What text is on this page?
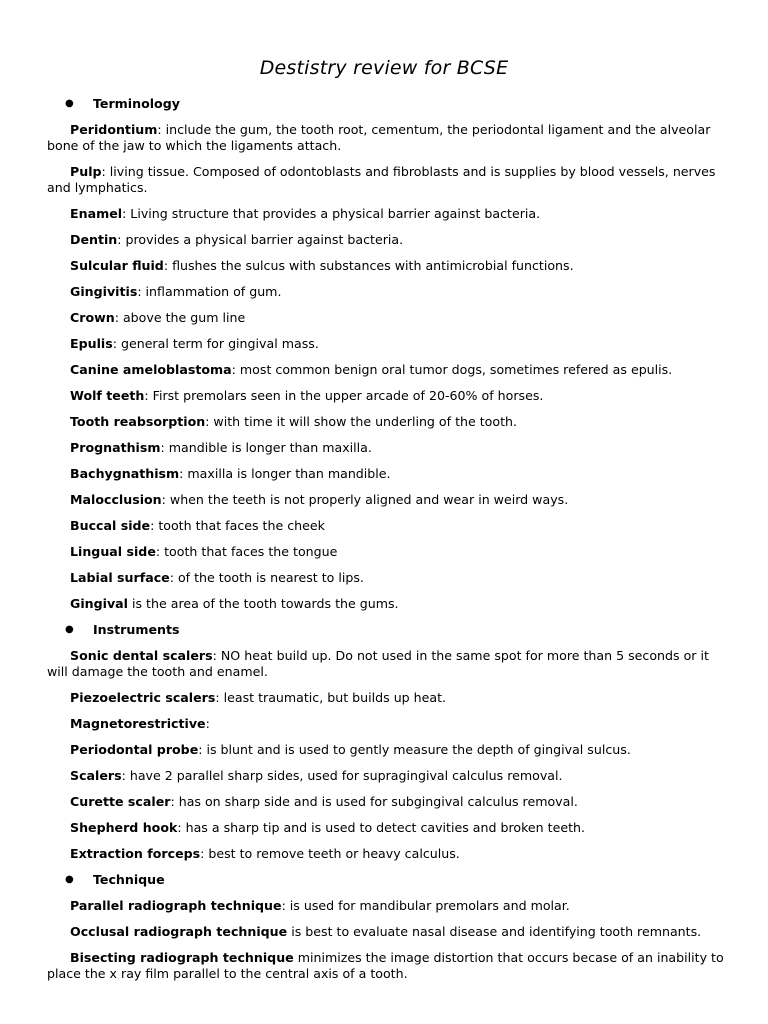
Destistry review for BCSE
● Terminology

Peridontium: include the gum, the tooth root, cementum, the periodontal ligament and the alveolar bone of the jaw to which the ligaments attach.

Pulp: living tissue. Composed of odontoblasts and fibroblasts and is supplies by blood vessels, nerves and lymphatics.

Enamel: Living structure that provides a physical barrier against bacteria.

Dentin: provides a physical barrier against bacteria.

Sulcular fluid: flushes the sulcus with substances with antimicrobial functions.

Gingivitis: inflammation of gum.

Crown: above the gum line

Epulis: general term for gingival mass.

Canine ameloblastoma: most common benign oral tumor dogs, sometimes refered as epulis.

Wolf teeth: First premolars seen in the upper arcade of 20-60% of horses.

Tooth reabsorption: with time it will show the underling of the tooth.

Prognathism: mandible is longer than maxilla.

Bachygnathism: maxilla is longer than mandible.

Malocclusion: when the teeth is not properly aligned and wear in weird ways.

Buccal side: tooth that faces the cheek

Lingual side: tooth that faces the tongue

Labial surface: of the tooth is nearest to lips.

Gingival is the area of the tooth towards the gums.

● Instruments

Sonic dental scalers: NO heat build up. Do not used in the same spot for more than 5 seconds or it will damage the tooth and enamel.

Piezoelectric scalers: least traumatic, but builds up heat.

Magnetorestrictive:

Periodontal probe: is blunt and is used to gently measure the depth of gingival sulcus.

Scalers: have 2 parallel sharp sides, used for supragingival calculus removal.

Curette scaler: has on sharp side and is used for subgingival calculus removal.

Shepherd hook: has a sharp tip and is used to detect cavities and broken teeth.

Extraction forceps: best to remove teeth or heavy calculus.

● Technique

Parallel radiograph technique: is used for mandibular premolars and molar.

Occlusal radiograph technique is best to evaluate nasal disease and identifying tooth remnants.

Bisecting radiograph technique minimizes the image distortion that occurs becase of an inability to place the x ray film parallel to the central axis of a tooth.
